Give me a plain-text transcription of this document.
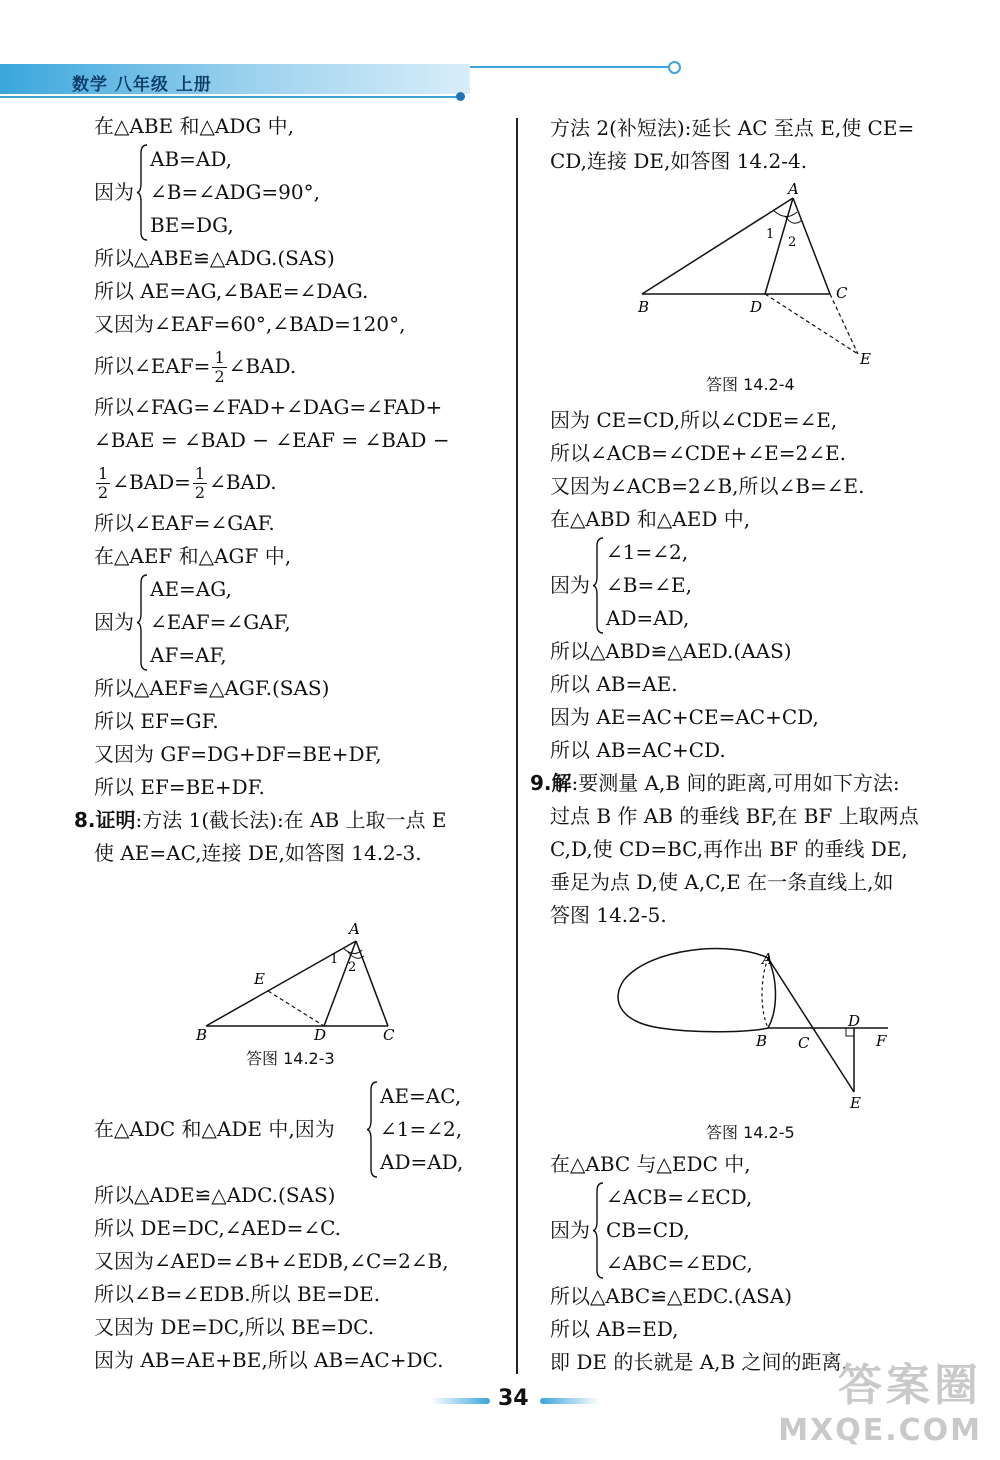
数学 八年级 上册
在△ABE 和△ADG 中,
因为
AB=AD,
∠B=∠ADG=90°,
BE=DG,
所以△ABE≌△ADG.(SAS)
所以 AE=AG,∠BAE=∠DAG.
又因为∠EAF=60°,∠BAD=120°,
所以∠EAF= $\frac{1}{2}$ ∠BAD.
所以∠FAG=∠FAD+∠DAG=∠FAD+
∠BAE = ∠BAD − ∠EAF = ∠BAD −
$\frac{1}{2}$ ∠BAD= $\frac{1}{2}$ ∠BAD.
所以∠EAF=∠GAF.
在△AEF 和△AGF 中,
因为
AE=AG,
∠EAF=∠GAF,
AF=AF,
所以△AEF≌△AGF.(SAS)
所以 EF=GF.
又因为 GF=DG+DF=BE+DF,
所以 EF=BE+DF.
8.证明:方法 1(截长法):在 AB 上取一点 E
使 AE=AC,连接 DE,如答图 14.2-3.
A
B	C
D
E
1
2
答图 14.2-3
在△ADC 和△ADE 中,因为
AE=AC,
∠1=∠2,
AD=AD,
所以△ADE≌△ADC.(SAS)
所以 DE=DC,∠AED=∠C.
又因为∠AED=∠B+∠EDB,∠C=2∠B,
所以∠B=∠EDB.所以 BE=DE.
又因为 DE=DC,所以 BE=DC.
因为 AB=AE+BE,所以 AB=AC+DC.
方法 2(补短法):延长 AC 至点 E,使 CE=
CD,连接 DE,如答图 14.2-4.
A
B
C
D
E
1
2
答图 14.2-4
因为 CE=CD,所以∠CDE=∠E,
所以∠ACB=∠CDE+∠E=2∠E.
又因为∠ACB=2∠B,所以∠B=∠E.
在△ABD 和△AED 中,
因为
∠1=∠2,
∠B=∠E,
AD=AD,
所以△ABD≌△AED.(AAS)
所以 AB=AE.
因为 AE=AC+CE=AC+CD,
所以 AB=AC+CD.
9.解:要测量 A,B 间的距离,可用如下方法:
过点 B 作 AB 的垂线 BF,在 BF 上取两点
C,D,使 CD=BC,再作出 BF 的垂线 DE,
垂足为点 D,使 A,C,E 在一条直线上,如
答图 14.2-5.
A
B C
D
E
F
答图 14.2-5
在△ABC 与△EDC 中,
因为
∠ACB=∠ECD,
CB=CD,
∠ABC=∠EDC,
所以△ABC≌△EDC.(ASA)
所以 AB=ED,
即 DE 的长就是 A,B 之间的距离.
34	答案圈
MXQE.COM
